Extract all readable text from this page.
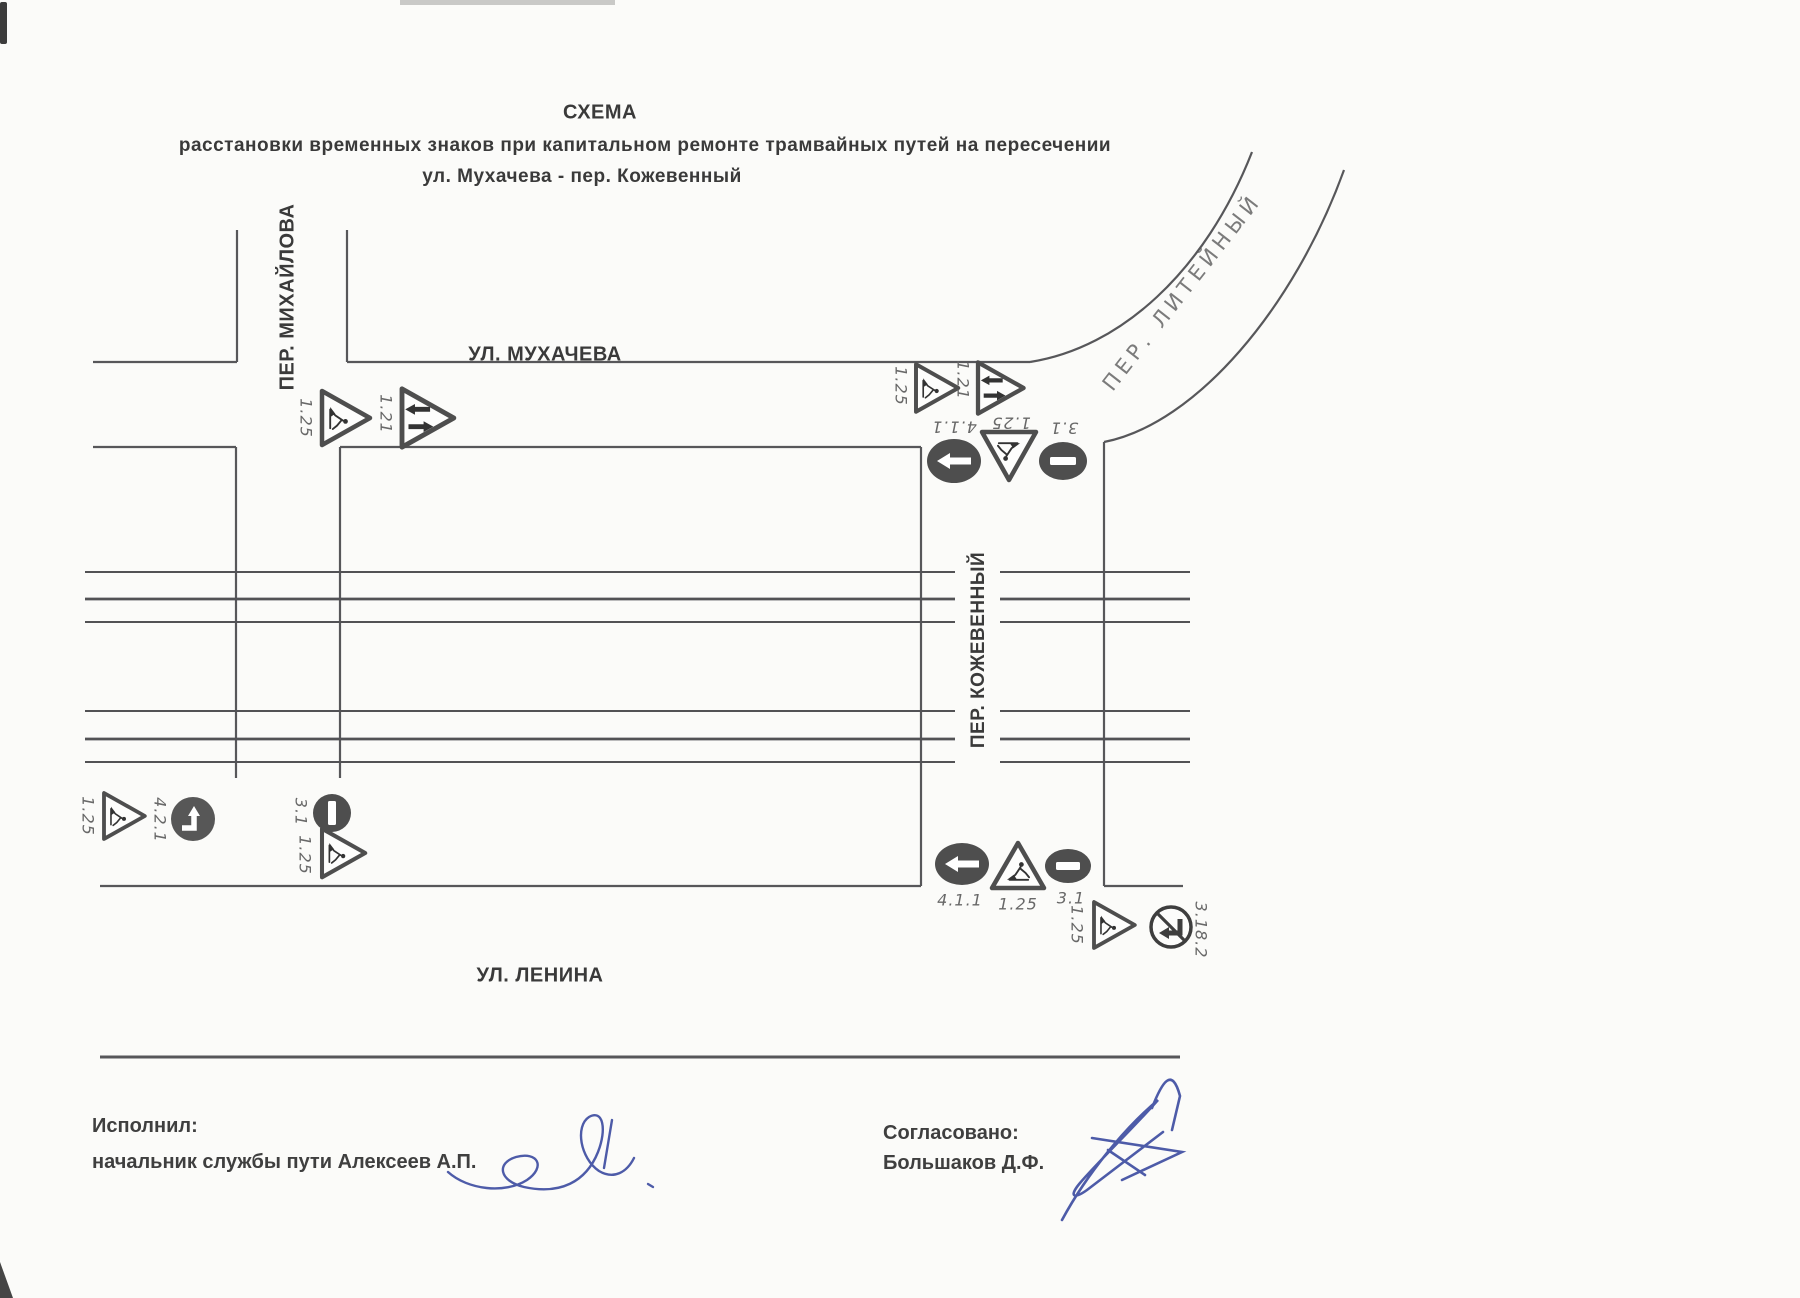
СХЕМА
расстановки временных знаков при капитальном ремонте трамвайных путей на пересечении
ул. Мухачева - пер. Кожевенный
ПЕР. МИХАЙЛОВА	УЛ. МУХАЧЕВА
ПЕР. КОЖЕВЕННЫЙ
ПЕР. ЛИТЕЙНЫЙ
УЛ. ЛЕНИНА
1.25	1.21
1.25	1.21
4.1.1 1.25 3.1
1.25	4.2.1	3.1
1.25
4.1.1 1.25 3.1
1.25	3.18.2
Исполнил:
начальник службы пути Алексеев А.П.
Согласовано:
Большаков Д.Ф.
